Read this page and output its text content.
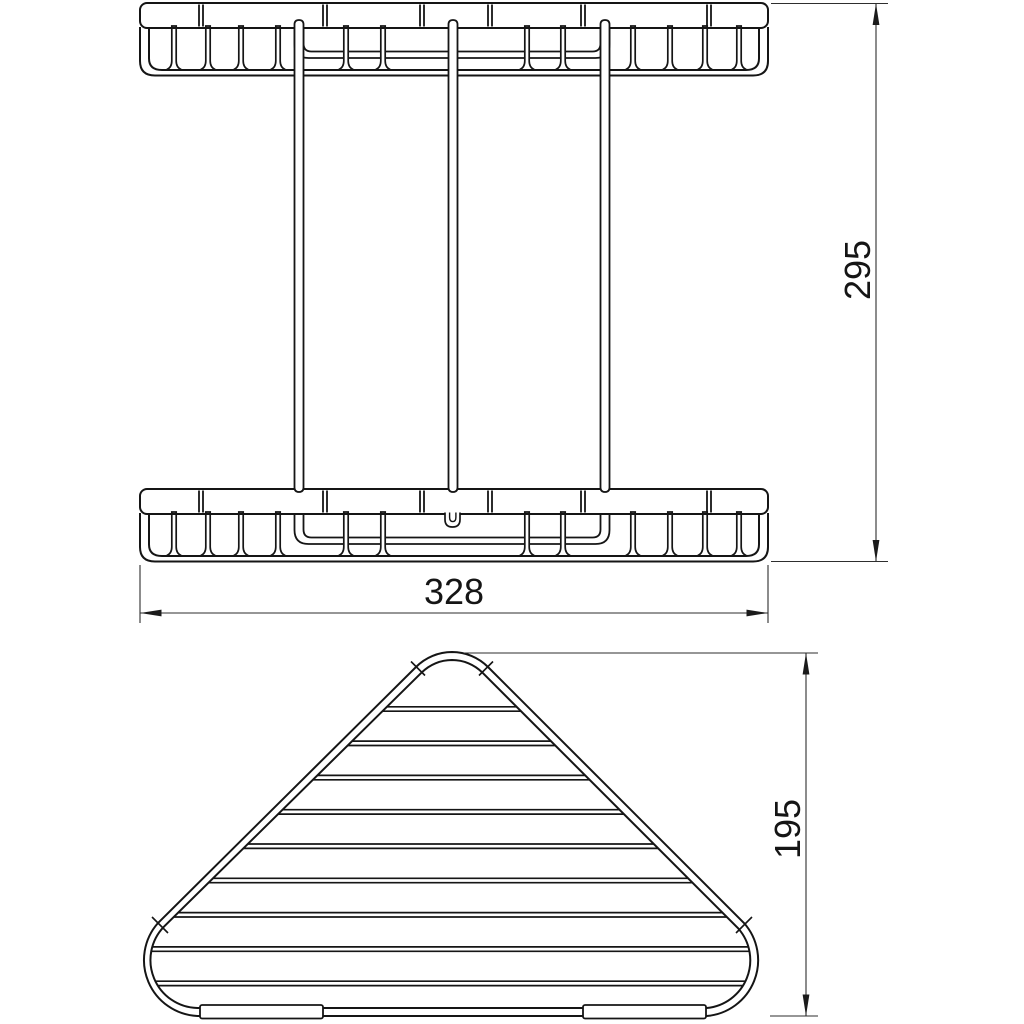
295
328
195
